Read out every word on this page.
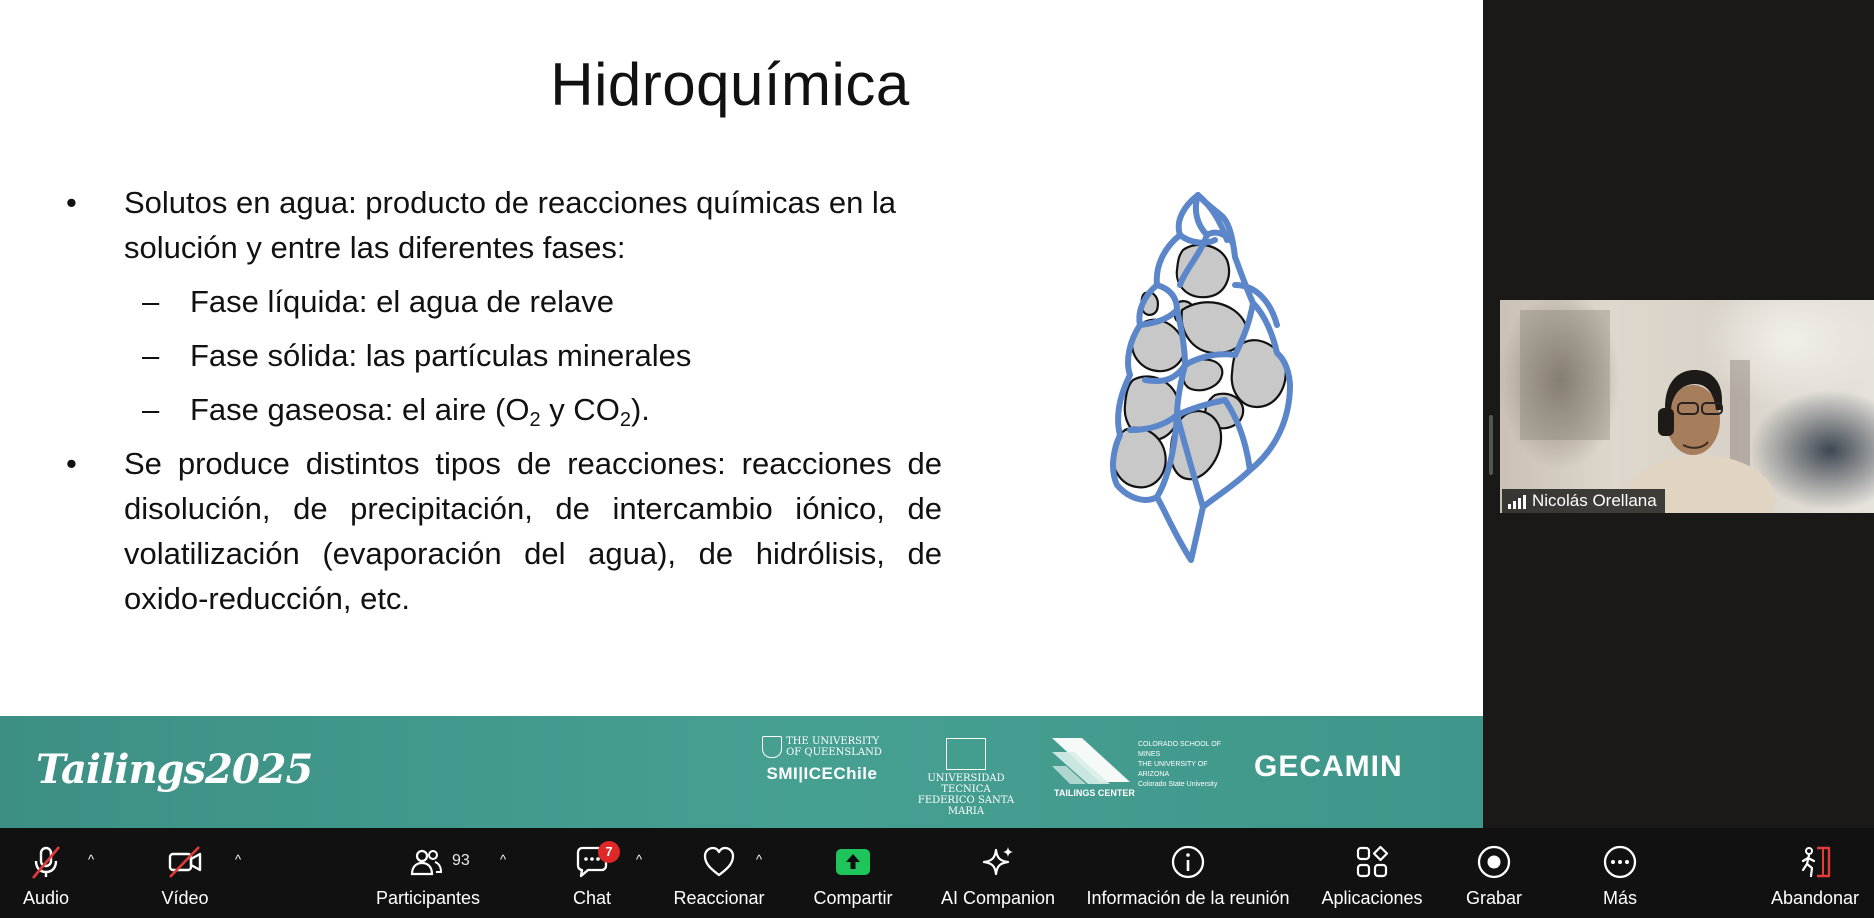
Hidroquímica
• Solutos en agua: producto de reacciones químicas en la solución y entre las diferentes fases:
– Fase líquida: el agua de relave
– Fase sólida: las partículas minerales
– Fase gaseosa: el aire ($O_2$ y $CO_2$).
• Se produce distintos tipos de reacciones: reacciones de disolución, de precipitación, de intercambio iónico, de volatilización (evaporación del agua), de hidrólisis, de oxido-reducción, etc.
Tailings2025
THE UNIVERSITY
OF QUEENSLAND
SMI|ICEChile	UNIVERSIDAD TECNICA
FEDERICO SANTA MARIA
TAILINGS CENTER
COLORADO SCHOOL OF MINES
THE UNIVERSITY OF ARIZONA
Colorado State University
GECAMIN
Nicolás Orellana
Audio
^
Vídeo
^	93
Participantes
^
7
Chat
^
Reaccionar
^
Compartir	AI Companion	Información de la reunión	Aplicaciones	Grabar	Más	Abandonar
